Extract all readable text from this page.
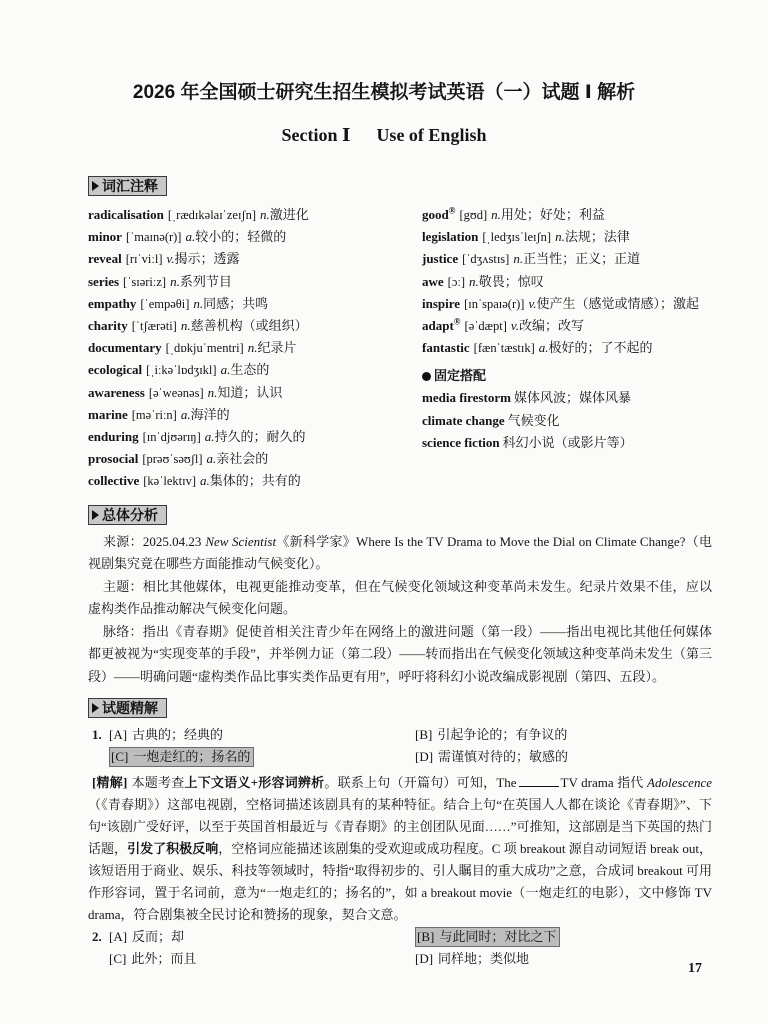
2026 年全国硕士研究生招生模拟考试英语（一）试题 Ⅰ 解析
Section Ⅰ Use of English
词汇注释
radicalisation [ˌrædɪkəlaɪˈzeɪʃn] n.激进化
minor [ˈmaɪnə(r)] a.较小的；轻微的
reveal [rɪˈviːl] v.揭示；透露
series [ˈsɪəriːz] n.系列节目
empathy [ˈempəθi] n.同感；共鸣
charity [ˈtʃærəti] n.慈善机构（或组织）
documentary [ˌdɒkjuˈmentri] n.纪录片
ecological [ˌiːkəˈlɒdʒɪkl] a.生态的
awareness [əˈweənəs] n.知道；认识
marine [məˈriːn] a.海洋的
enduring [ɪnˈdjʊərɪŋ] a.持久的；耐久的
prosocial [prəʊˈsəʊʃl] a.亲社会的
collective [kəˈlektɪv] a.集体的；共有的
good® [gʊd] n.用处；好处；利益
legislation [ˌledʒɪsˈleɪʃn] n.法规；法律
justice [ˈdʒʌstɪs] n.正当性；正义；正道
awe [ɔː] n.敬畏；惊叹
inspire [ɪnˈspaɪə(r)] v.使产生（感觉或情感）；激起
adapt® [əˈdæpt] v.改编；改写
fantastic [fænˈtæstɪk] a.极好的；了不起的
固定搭配
media firestorm 媒体风波；媒体风暴
climate change 气候变化
science fiction 科幻小说（或影片等）
总体分析

来源：2025.04.23 New Scientist《新科学家》Where Is the TV Drama to Move the Dial on Climate Change?（电视剧集究竟在哪些方面能推动气候变化）。

主题：相比其他媒体，电视更能推动变革，但在气候变化领域这种变革尚未发生。纪录片效果不佳，应以虚构类作品推动解决气候变化问题。

脉络：指出《青春期》促使首相关注青少年在网络上的激进问题（第一段）——指出电视比其他任何媒体都更被视为“实现变革的手段”，并举例力证（第二段）——转而指出在气候变化领域这种变革尚未发生（第三段）——明确问题“虚构类作品比事实类作品更有用”，呼吁将科幻小说改编成影视剧（第四、五段）。

试题精解
1. [A] 古典的；经典的	[B] 引起争论的；有争议的
[C] 一炮走红的；扬名的	[D] 需谨慎对待的；敏感的

[精解] 本题考查上下文语义+形容词辨析。联系上句（开篇句）可知，The	TV drama 指代 Adolescence（《青春期》）这部电视剧，空格词描述该剧具有的某种特征。结合上句“在英国人人都在谈论《青春期》”、下句“该剧广受好评，以至于英国首相最近与《青春期》的主创团队见面……”可推知，这部剧是当下英国的热门话题，引发了积极反响，空格词应能描述该剧集的受欢迎或成功程度。C 项 breakout 源自动词短语 break out，该短语用于商业、娱乐、科技等领域时，特指“取得初步的、引人瞩目的重大成功”之意，合成词 breakout 可用作形容词，置于名词前，意为“一炮走红的；扬名的”，如 a breakout movie（一炮走红的电影），文中修饰 TV drama，符合剧集被全民讨论和赞扬的现象，契合文意。

2. [A] 反而；却	[B] 与此同时；对比之下
[C] 此外；而且	[D] 同样地；类似地
17
